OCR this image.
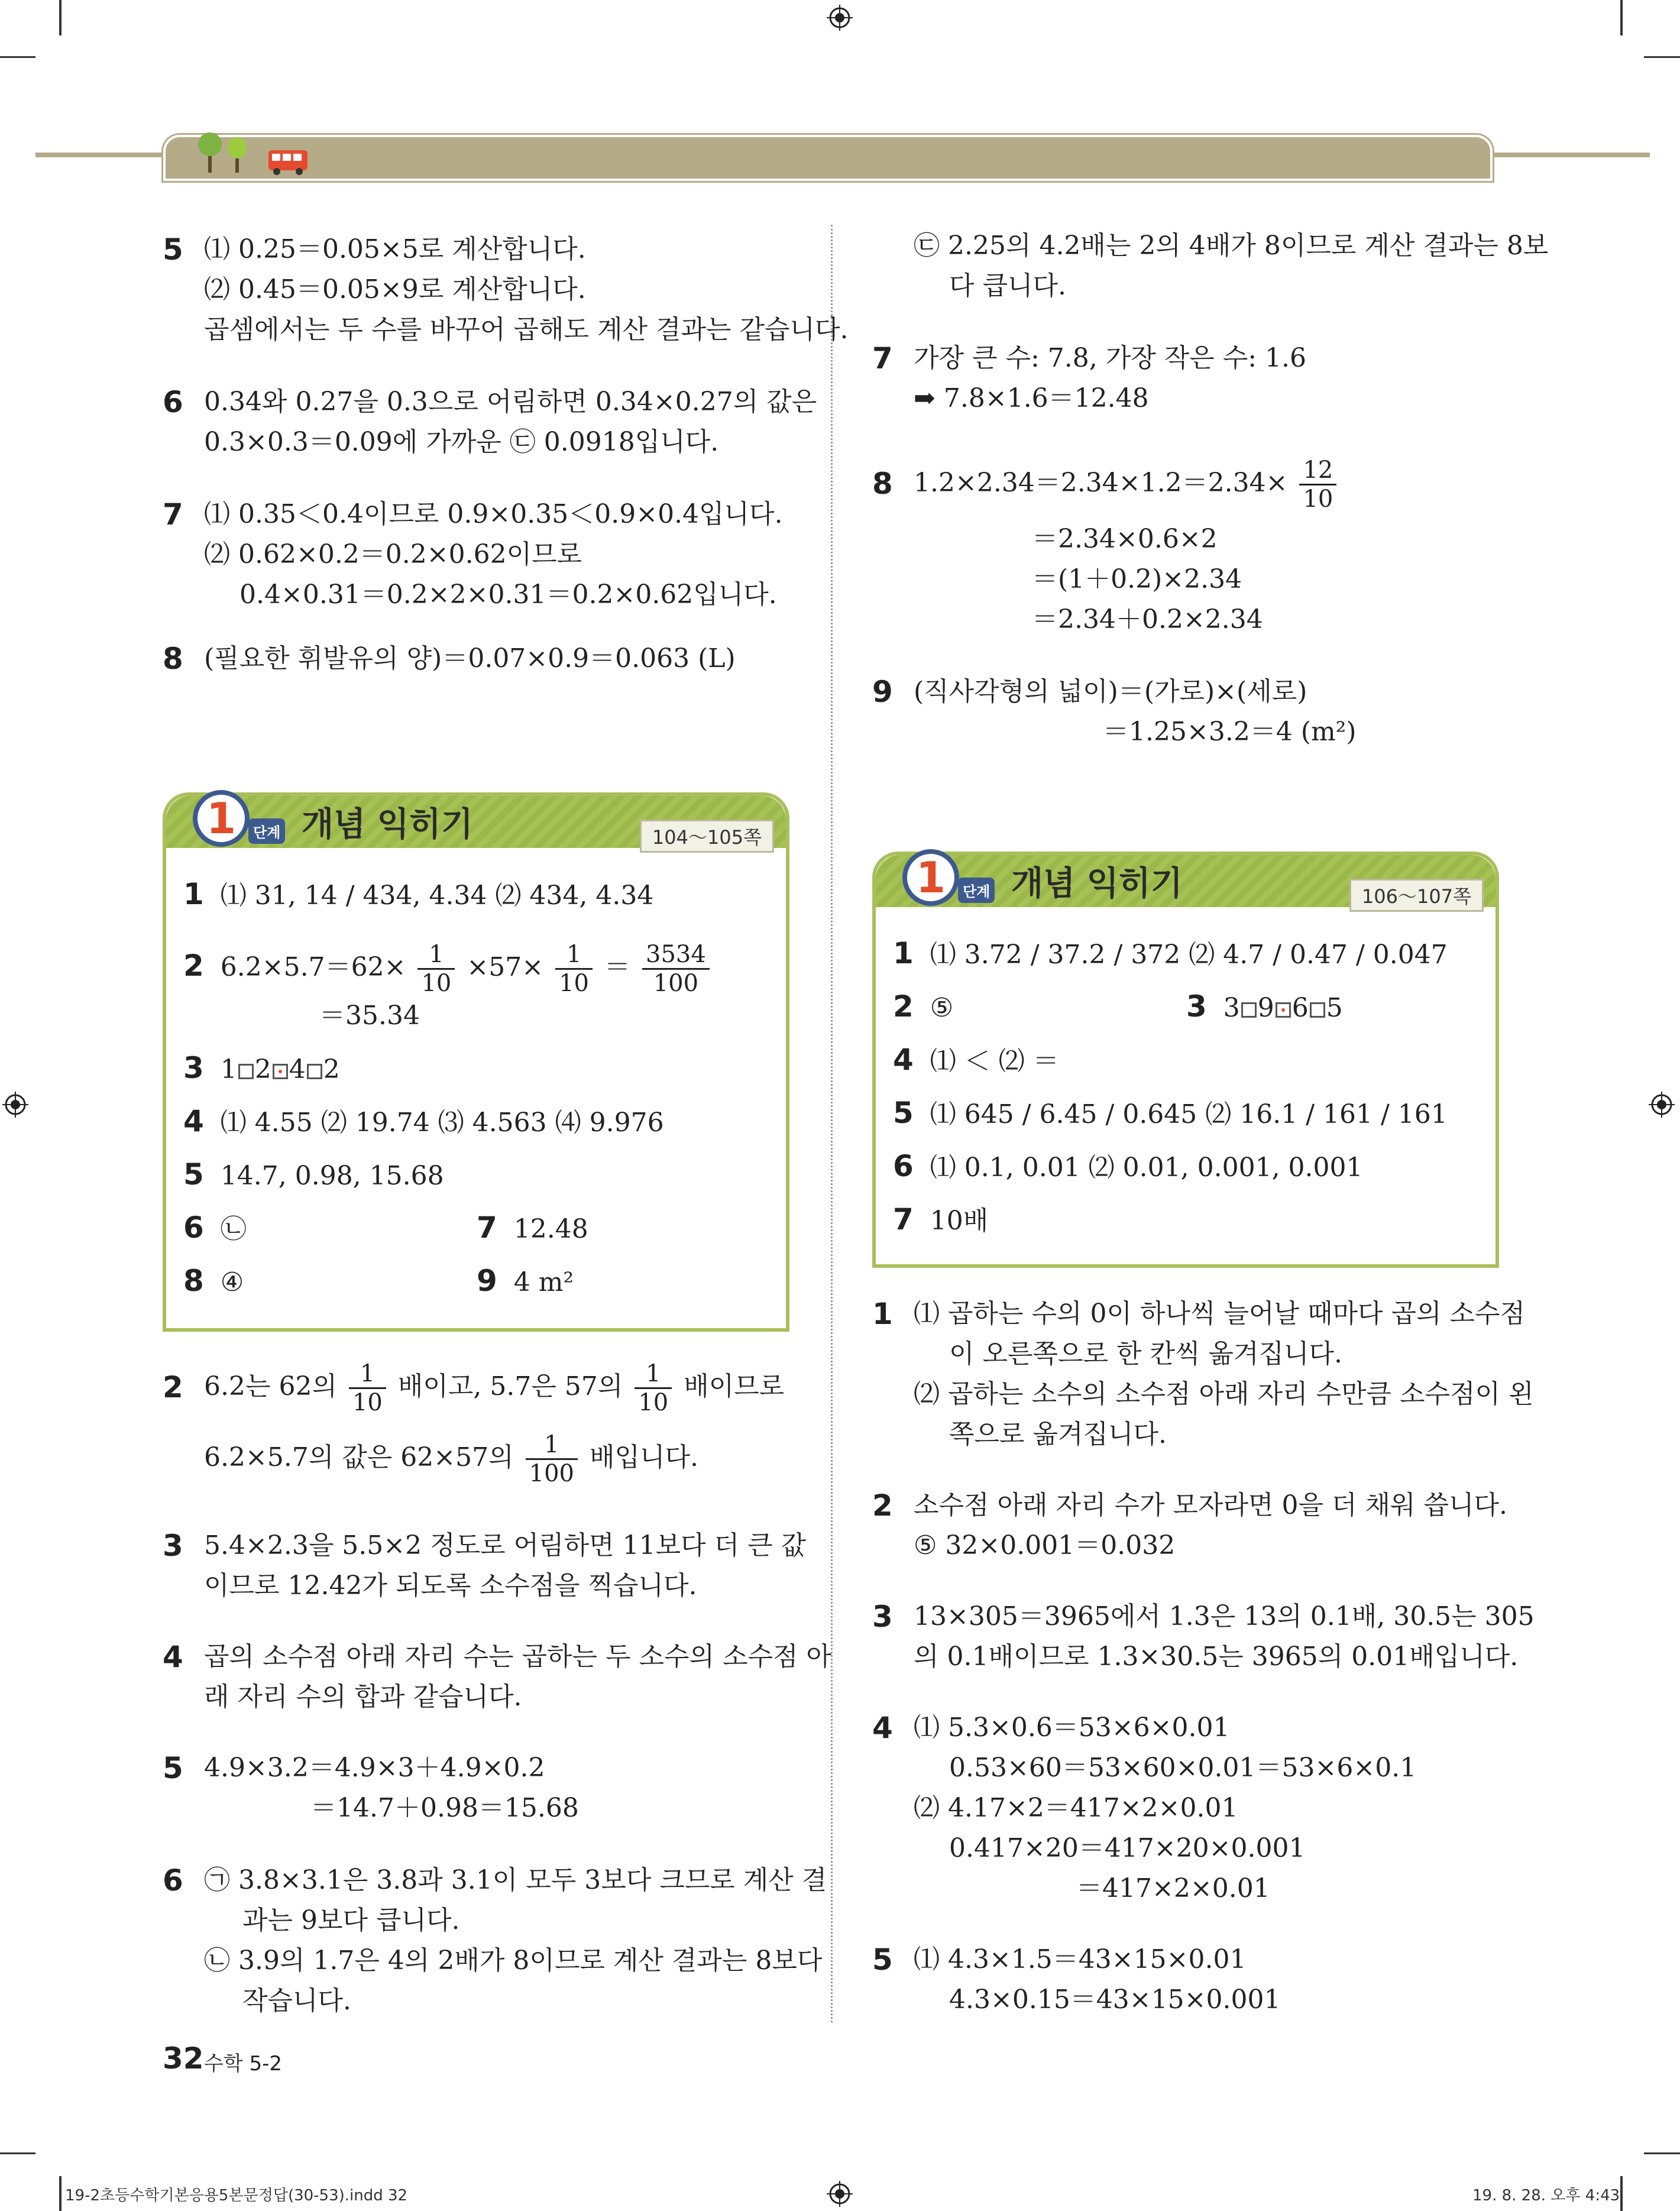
5 ⑴ 0.25＝0.05×5로 계산합니다.
⑵ 0.45＝0.05×9로 계산합니다.
곱셈에서는 두 수를 바꾸어 곱해도 계산 결과는 같습니다.
6 0.34와 0.27을 0.3으로 어림하면 0.34×0.27의 값은
0.3×0.3＝0.09에 가까운 ㉢ 0.0918입니다.
7 ⑴ 0.35＜0.4이므로 0.9×0.35＜0.9×0.4입니다.
⑵ 0.62×0.2＝0.2×0.62이므로
0.4×0.31＝0.2×2×0.31＝0.2×0.62입니다.
8 (필요한 휘발유의 양)＝0.07×0.9＝0.063 (L)
104～105쪽
1	단계 개념 익히기
1 ⑴ 31, 14 / 434, 4.34 ⑵ 434, 4.34
2 $6.2\times 5.7=62\times \frac{1}{10} \times 57\times \frac{1}{10} = \frac{3534}{100}$
＝35.34
3 1 2 4 2
4 ⑴ 4.55 ⑵ 19.74 ⑶ 4.563 ⑷ 9.976
5 14.7, 0.98, 15.68
6 ㉡	7 12.48
8 ④	9 4 m²
2 6.2는 62의 $\frac{1}{10}$ 배이고, 5.7은 57의 $\frac{1}{10}$ 배이므로
6.2×5.7의 값은 62×57의 $\frac{1}{100}$ 배입니다.
3 5.4×2.3을 5.5×2 정도로 어림하면 11보다 더 큰 값
이므로 12.42가 되도록 소수점을 찍습니다.
4 곱의 소수점 아래 자리 수는 곱하는 두 소수의 소수점 아
래 자리 수의 합과 같습니다.
5 4.9×3.2＝4.9×3＋4.9×0.2
＝14.7＋0.98＝15.68
6 ㉠ 3.8×3.1은 3.8과 3.1이 모두 3보다 크므로 계산 결
과는 9보다 큽니다.
㉡ 3.9의 1.7은 4의 2배가 8이므로 계산 결과는 8보다
작습니다.
㉢ 2.25의 4.2배는 2의 4배가 8이므로 계산 결과는 8보
다 큽니다.
7 가장 큰 수: 7.8, 가장 작은 수: 1.6
➡ 7.8×1.6＝12.48
8 $1.2\times 2.34=2.34\times 1.2=2.34\times \frac{12}{10}$
＝2.34×0.6×2
＝(1＋0.2)×2.34
＝2.34＋0.2×2.34
9 (직사각형의 넓이)＝(가로)×(세로)
＝1.25×3.2＝4 (m²)
106～107쪽
1	단계 개념 익히기
1 ⑴ 3.72 / 37.2 / 372 ⑵ 4.7 / 0.47 / 0.047
2 ⑤	3 3 9 6 5
4 ⑴ ＜ ⑵ ＝
5 ⑴ 645 / 6.45 / 0.645 ⑵ 16.1 / 161 / 161
6 ⑴ 0.1, 0.01 ⑵ 0.01, 0.001, 0.001
7 10배
1 ⑴ 곱하는 수의 0이 하나씩 늘어날 때마다 곱의 소수점
이 오른쪽으로 한 칸씩 옮겨집니다.
⑵ 곱하는 소수의 소수점 아래 자리 수만큼 소수점이 왼
쪽으로 옮겨집니다.
2 소수점 아래 자리 수가 모자라면 0을 더 채워 씁니다.
⑤ 32×0.001＝0.032
3 13×305＝3965에서 1.3은 13의 0.1배, 30.5는 305
의 0.1배이므로 1.3×30.5는 3965의 0.01배입니다.
4 ⑴ 5.3×0.6＝53×6×0.01
0.53×60＝53×60×0.01＝53×6×0.1
⑵ 4.17×2＝417×2×0.01
0.417×20＝417×20×0.001
＝417×2×0.01
5 ⑴ 4.3×1.5＝43×15×0.01
4.3×0.15＝43×15×0.001
32 수학 5-2
19-2초등수학기본응용5본문정답(30-53).indd 32	19. 8. 28. 오후 4:43
